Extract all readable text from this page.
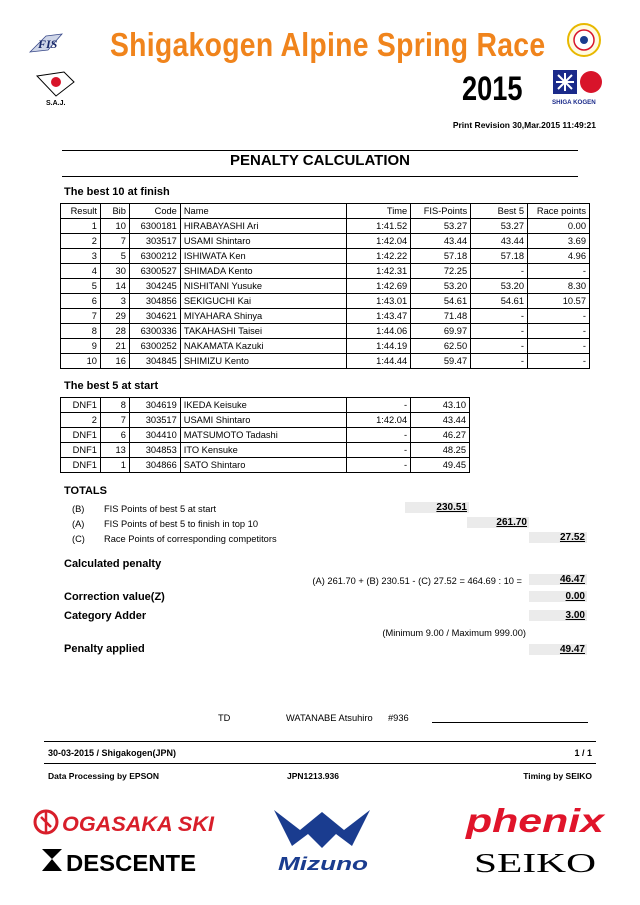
FIS
S.A.J.
Shigakogen Alpine Spring Race
2015	SHIGA KOGEN
Print Revision 30,Mar.2015 11:49:21
PENALTY CALCULATION
The best 10 at finish
Result	Bib	Code	Name	Time	FIS-Points	Best 5	Race points
1	10	6300181	HIRABAYASHI Ari	1:41.52	53.27	53.27	0.00
2	7	303517	USAMI Shintaro	1:42.04	43.44	43.44	3.69
3	5	6300212	ISHIWATA Ken	1:42.22	57.18	57.18	4.96
4	30	6300527	SHIMADA Kento	1:42.31	72.25	-	-
5	14	304245	NISHITANI Yusuke	1:42.69	53.20	53.20	8.30
6	3	304856	SEKIGUCHI Kai	1:43.01	54.61	54.61	10.57
7	29	304621	MIYAHARA Shinya	1:43.47	71.48	-	-
8	28	6300336	TAKAHASHI Taisei	1:44.06	69.97	-	-
9	21	6300252	NAKAMATA Kazuki	1:44.19	62.50	-	-
10	16	304845	SHIMIZU Kento	1:44.44	59.47	-	-
The best 5 at start
DNF1	8	304619	IKEDA Keisuke	-	43.10
2	7	303517	USAMI Shintaro	1:42.04	43.44
DNF1	6	304410	MATSUMOTO Tadashi	-	46.27
DNF1	13	304853	ITO Kensuke	-	48.25
DNF1	1	304866	SATO Shintaro	-	49.45
TOTALS
(B) FIS Points of best 5 at start	230.51
(A) FIS Points of best 5 to finish in top 10	261.70
(C) Race Points of corresponding competitors	27.52
Calculated penalty
(A) 261.70 + (B) 230.51 - (C) 27.52 = 464.69 : 10 =	46.47
Correction value(Z)	0.00
Category Adder	3.00
(Minimum 9.00 / Maximum 999.00)
Penalty applied	49.47
TD	WATANABE Atsuhiro #936
30-03-2015 / Shigakogen(JPN)	1 / 1
Data Processing by EPSON	JPN1213.936	Timing by SEIKO
OGASAKA SKI
DESCENTE	Mizuno
phenix
SEIKO
